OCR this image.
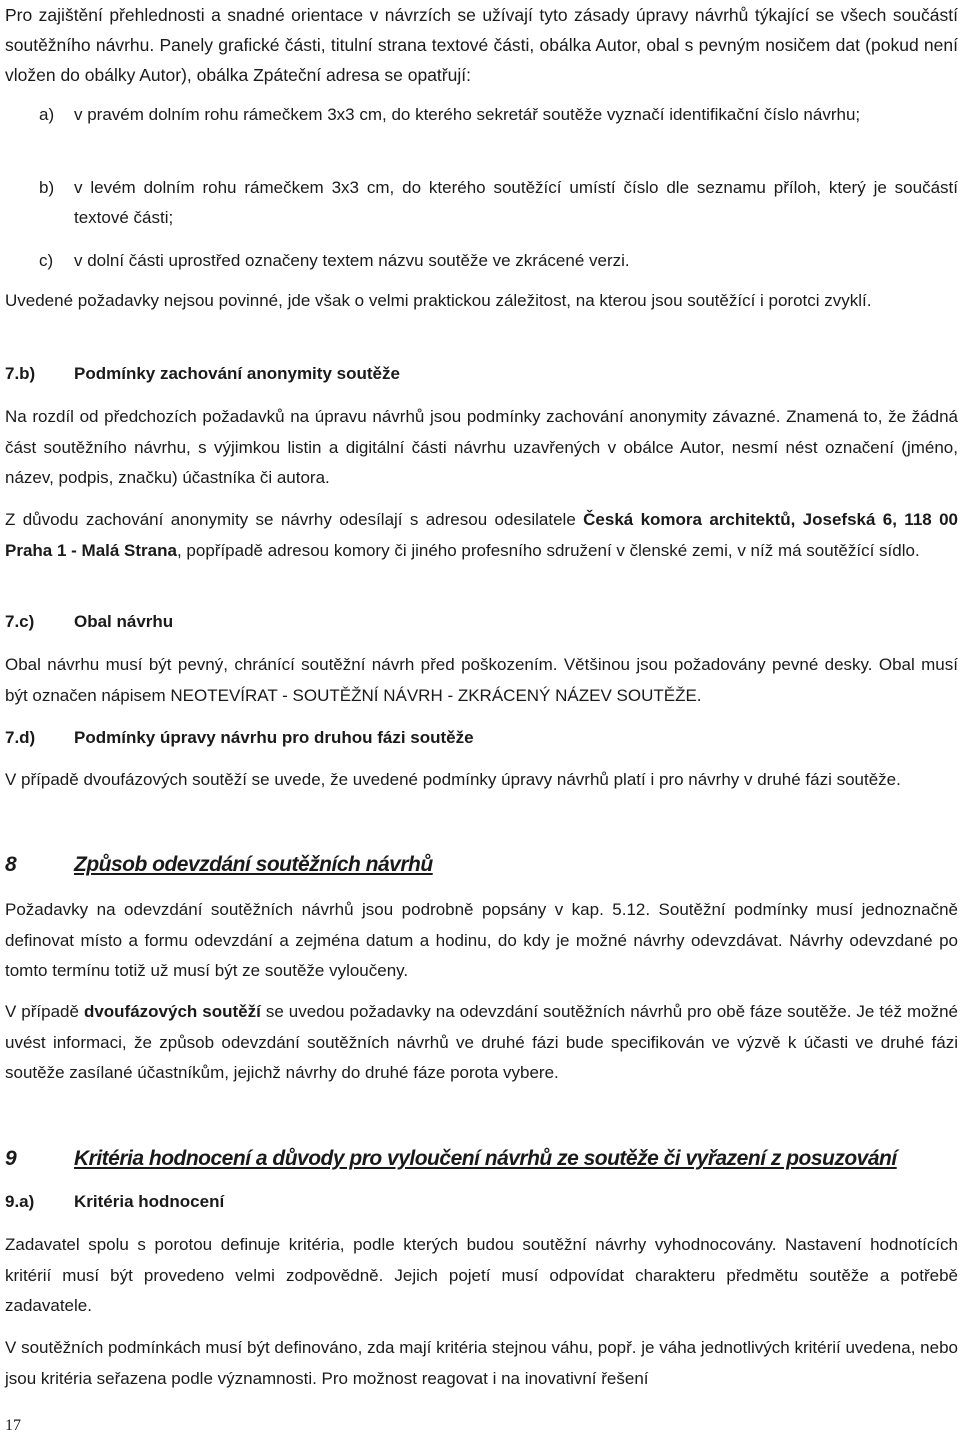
Pro zajištění přehlednosti a snadné orientace v návrzích se užívají tyto zásady úpravy návrhů týkající se všech součástí soutěžního návrhu. Panely grafické části, titulní strana textové části, obálka Autor, obal s pevným nosičem dat (pokud není vložen do obálky Autor), obálka Zpáteční adresa se opatřují:

a)	v pravém dolním rohu rámečkem 3x3 cm, do kterého sekretář soutěže vyznačí identifikační číslo návrhu;
b)	v levém dolním rohu rámečkem 3x3 cm, do kterého soutěžící umístí číslo dle seznamu příloh, který je součástí textové části;
c)	v dolní části uprostřed označeny textem názvu soutěže ve zkrácené verzi.

Uvedené požadavky nejsou povinné, jde však o velmi praktickou záležitost, na kterou jsou soutěžící i porotci zvyklí.

7.b) Podmínky zachování anonymity soutěže

Na rozdíl od předchozích požadavků na úpravu návrhů jsou podmínky zachování anonymity závazné. Znamená to, že žádná část soutěžního návrhu, s výjimkou listin a digitální části návrhu uzavřených v obálce Autor, nesmí nést označení (jméno, název, podpis, značku) účastníka či autora.

Z důvodu zachování anonymity se návrhy odesílají s adresou odesilatele Česká komora architektů, Josefská 6, 118 00 Praha 1 - Malá Strana, popřípadě adresou komory či jiného profesního sdružení v členské zemi, v níž má soutěžící sídlo.

7.c) Obal návrhu

Obal návrhu musí být pevný, chránící soutěžní návrh před poškozením. Většinou jsou požadovány pevné desky. Obal musí být označen nápisem NEOTEVÍRAT - SOUTĚŽNÍ NÁVRH - ZKRÁCENÝ NÁZEV SOUTĚŽE.

7.d) Podmínky úpravy návrhu pro druhou fázi soutěže

V případě dvoufázových soutěží se uvede, že uvedené podmínky úpravy návrhů platí i pro návrhy v druhé fázi soutěže.

8	Způsob odevzdání soutěžních návrhů

Požadavky na odevzdání soutěžních návrhů jsou podrobně popsány v kap. 5.12. Soutěžní podmínky musí jednoznačně definovat místo a formu odevzdání a zejména datum a hodinu, do kdy je možné návrhy odevzdávat. Návrhy odevzdané po tomto termínu totiž už musí být ze soutěže vyloučeny.

V případě dvoufázových soutěží se uvedou požadavky na odevzdání soutěžních návrhů pro obě fáze soutěže. Je též možné uvést informaci, že způsob odevzdání soutěžních návrhů ve druhé fázi bude specifikován ve výzvě k účasti ve druhé fázi soutěže zasílané účastníkům, jejichž návrhy do druhé fáze porota vybere.

9	Kritéria hodnocení a důvody pro vyloučení návrhů ze soutěže či vyřazení z posuzování
9.a) Kritéria hodnocení

Zadavatel spolu s porotou definuje kritéria, podle kterých budou soutěžní návrhy vyhodnocovány. Nastavení hodnotících kritérií musí být provedeno velmi zodpovědně. Jejich pojetí musí odpovídat charakteru předmětu soutěže a potřebě zadavatele.

V soutěžních podmínkách musí být definováno, zda mají kritéria stejnou váhu, popř. je váha jednotlivých kritérií uvedena, nebo jsou kritéria seřazena podle významnosti. Pro možnost reagovat i na inovativní řešení

17
